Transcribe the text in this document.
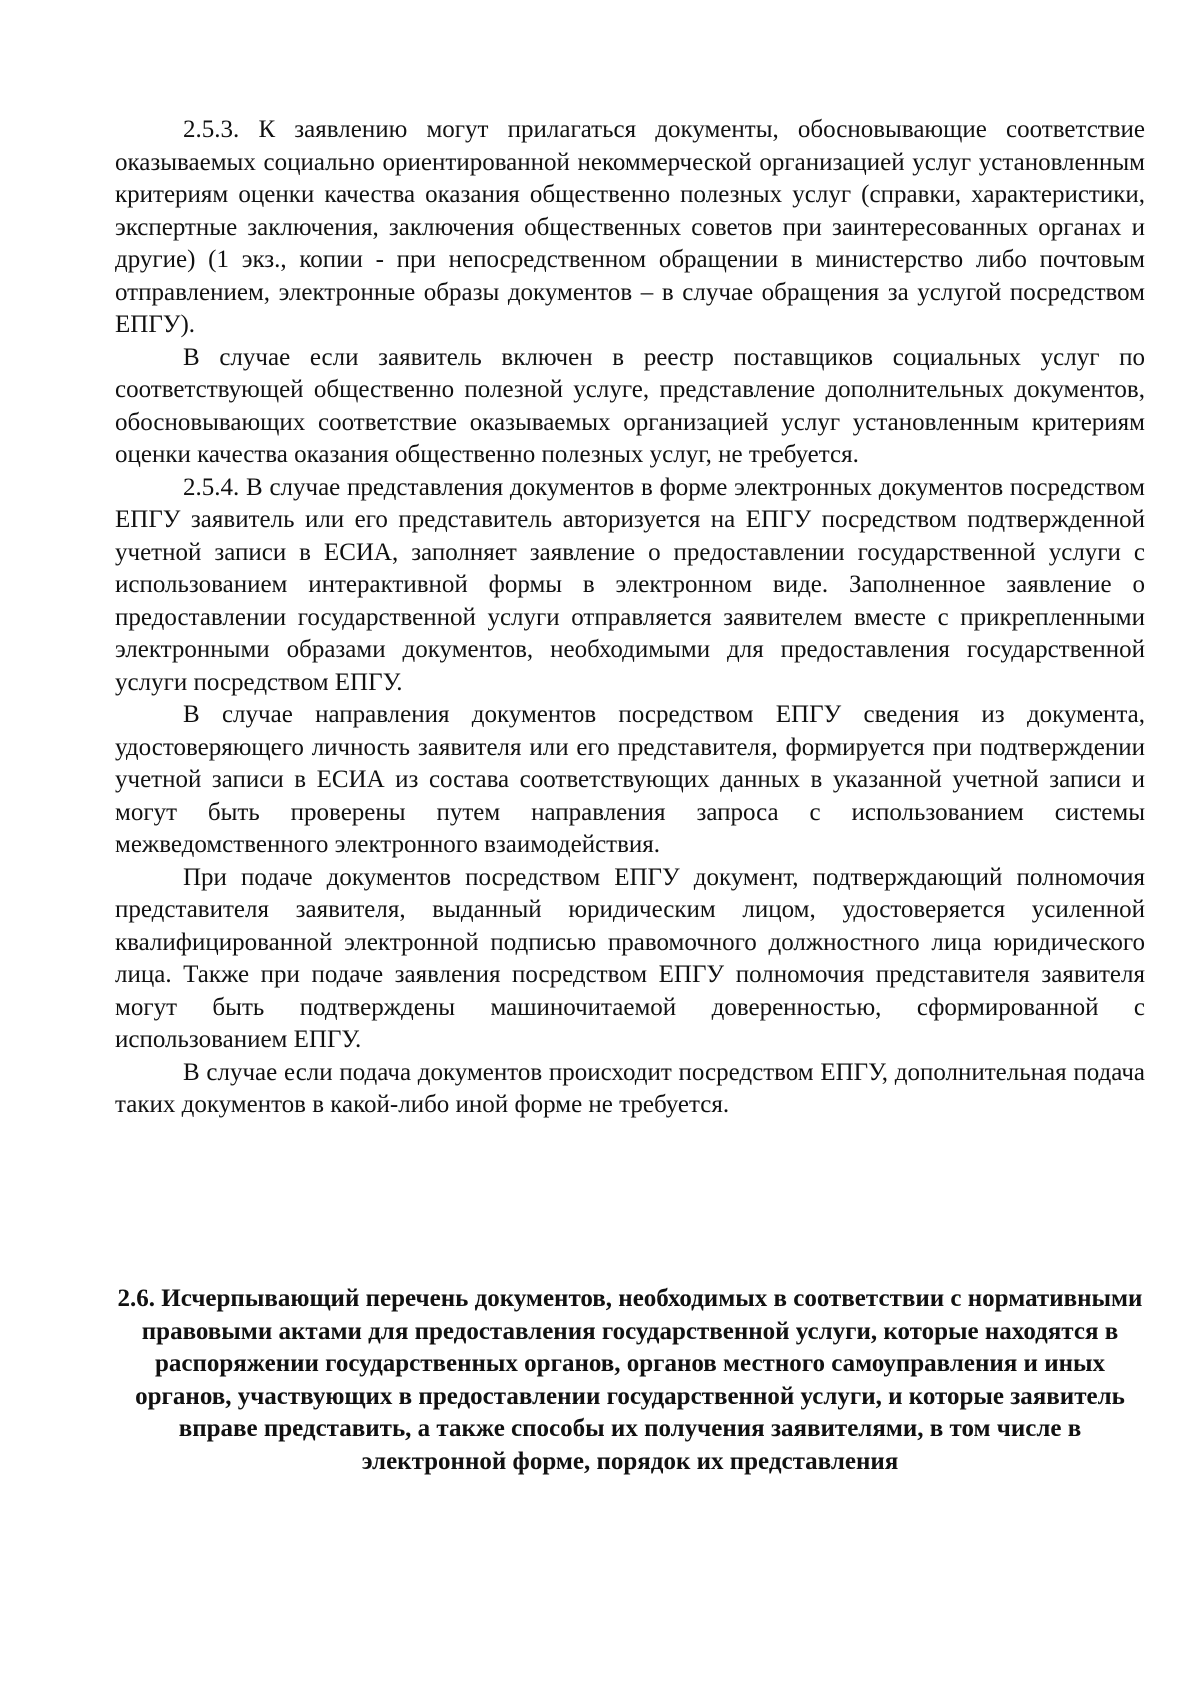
2.5.3. К заявлению могут прилагаться документы, обосновывающие соответствие оказываемых социально ориентированной некоммерческой организацией услуг установленным критериям оценки качества оказания общественно полезных услуг (справки, характеристики, экспертные заключения, заключения общественных советов при заинтересованных органах и другие) (1 экз., копии - при непосредственном обращении в министерство либо почтовым отправлением, электронные образы документов – в случае обращения за услугой посредством ЕПГУ).

В случае если заявитель включен в реестр поставщиков социальных услуг по соответствующей общественно полезной услуге, представление дополнительных документов, обосновывающих соответствие оказываемых организацией услуг установленным критериям оценки качества оказания общественно полезных услуг, не требуется.

2.5.4. В случае представления документов в форме электронных документов посредством ЕПГУ заявитель или его представитель авторизуется на ЕПГУ посредством подтвержденной учетной записи в ЕСИА, заполняет заявление о предоставлении государственной услуги с использованием интерактивной формы в электронном виде. Заполненное заявление о предоставлении государственной услуги отправляется заявителем вместе с прикрепленными электронными образами документов, необходимыми для предоставления государственной услуги посредством ЕПГУ.

В случае направления документов посредством ЕПГУ сведения из документа, удостоверяющего личность заявителя или его представителя, формируется при подтверждении учетной записи в ЕСИА из состава соответствующих данных в указанной учетной записи и могут быть проверены путем направления запроса с использованием системы межведомственного электронного взаимодействия.

При подаче документов посредством ЕПГУ документ, подтверждающий полномочия представителя заявителя, выданный юридическим лицом, удостоверяется усиленной квалифицированной электронной подписью правомочного должностного лица юридического лица. Также при подаче заявления посредством ЕПГУ полномочия представителя заявителя могут быть подтверждены машиночитаемой доверенностью, сформированной с использованием ЕПГУ.

В случае если подача документов происходит посредством ЕПГУ, дополнительная подача таких документов в какой-либо иной форме не требуется.

2.6. Исчерпывающий перечень документов, необходимых в соответствии с нормативными правовыми актами для предоставления государственной услуги, которые находятся в распоряжении государственных органов, органов местного самоуправления и иных органов, участвующих в предоставлении государственной услуги, и которые заявитель вправе представить, а также способы их получения заявителями, в том числе в электронной форме, порядок их представления
